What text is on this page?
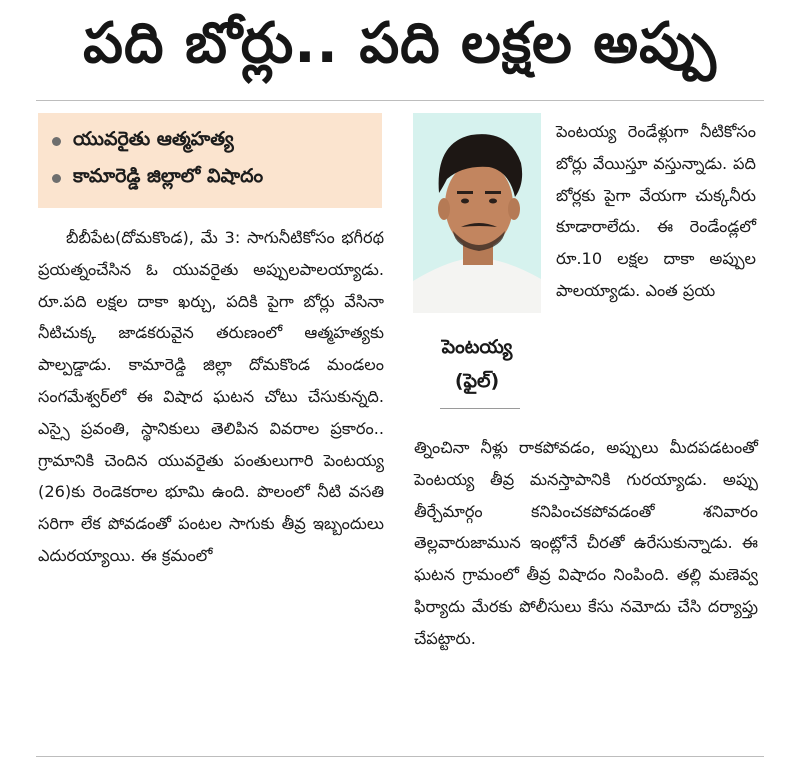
పది బోర్లు.. పది లక్షల అప్పు
యువరైతు ఆత్మహత్య
కామారెడ్డి జిల్లాలో విషాదం
బీబీపేట(దోమకొండ), మే 3: సాగునీటికోసం భగీరథ ప్రయత్నంచేసిన ఓ యువరైతు అప్పులపాలయ్యాడు. రూ.పది లక్షల దాకా ఖర్చు, పదికి పైగా బోర్లు వేసినా నీటిచుక్క జాడకరువైన తరుణంలో ఆత్మహత్యకు పాల్పడ్డాడు. కామారెడ్డి జిల్లా దోమకొండ మండలం సంగమేశ్వర్‌లో ఈ విషాద ఘటన చోటు చేసుకున్నది. ఎస్సై ప్రవంతి, స్థానికులు తెలిపిన వివరాల ప్రకారం.. గ్రామానికి చెందిన యువరైతు పంతులుగారి పెంటయ్య (26)కు రెండెకరాల భూమి ఉంది. పొలంలో నీటి వసతి సరిగా లేక పోవడంతో పంటల సాగుకు తీవ్ర ఇబ్బందులు ఎదురయ్యాయి. ఈ క్రమంలో
పెంటయ్య రెండేళ్లుగా నీటికోసం బోర్లు వేయిస్తూ వస్తున్నాడు. పది బోర్లకు పైగా వేయగా చుక్కనీరు కూడారాలేదు. ఈ రెండేండ్లలో రూ.10 లక్షల దాకా అప్పుల పాలయ్యాడు. ఎంత ప్రయ
పెంటయ్య
(ఫైల్)
త్నించినా నీళ్లు రాకపోవడం, అప్పులు మీదపడటంతో పెంటయ్య తీవ్ర మనస్తాపానికి గురయ్యాడు. అప్పు తీర్చేమార్గం కనిపించకపోవడంతో శనివారం తెల్లవారుజామున ఇంట్లోనే చీరతో ఉరేసుకున్నాడు. ఈ ఘటన గ్రామంలో తీవ్ర విషాదం నింపింది. తల్లి మణెవ్వ ఫిర్యాదు మేరకు పోలీసులు కేసు నమోదు చేసి దర్యాప్తు చేపట్టారు.
